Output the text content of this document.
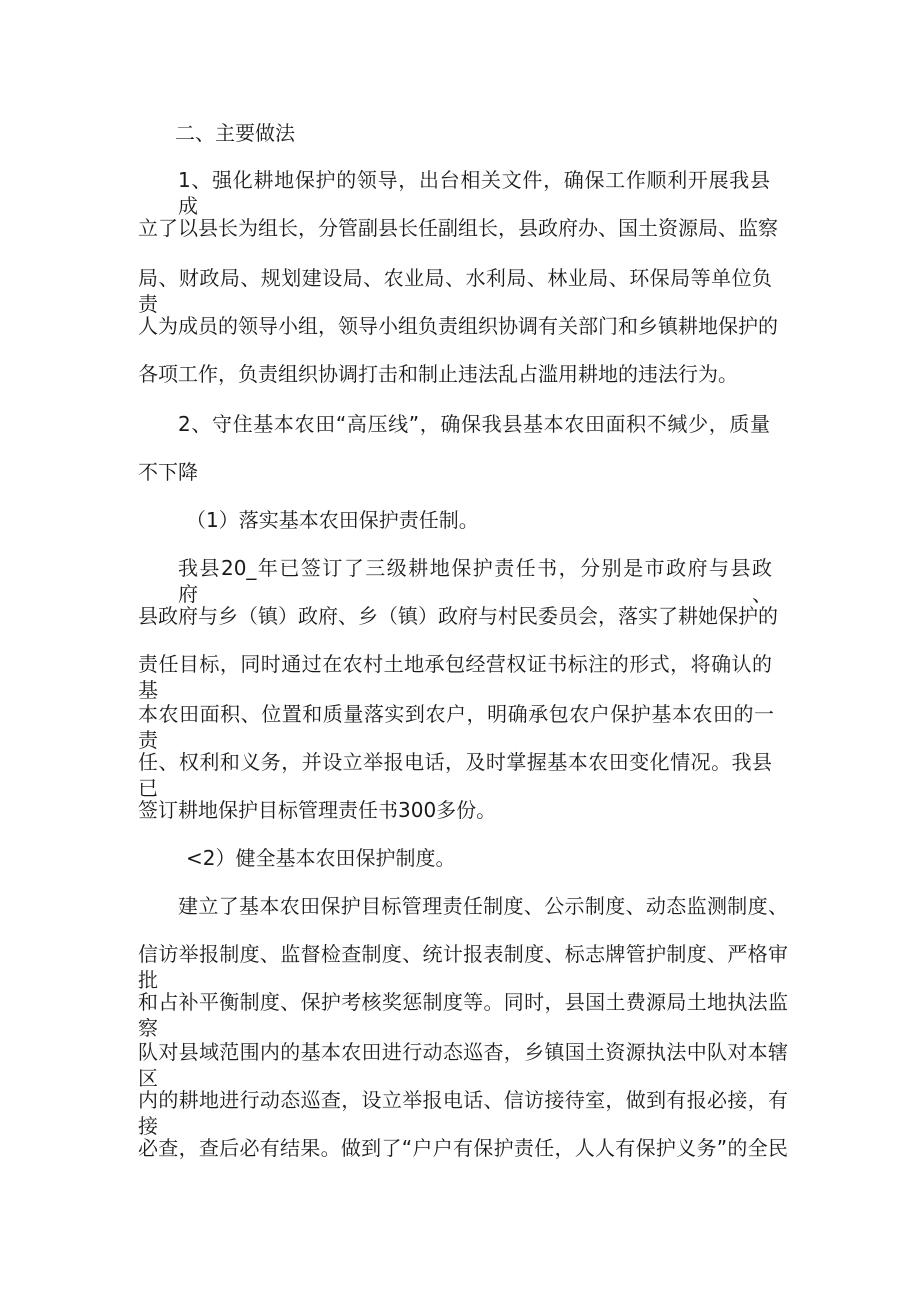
二、主要做法
1、强化耕地保护的领导，出台相关文件，确保工作顺利开展我县成
立了以县长为组长，分管副县长任副组长，县政府办、国土资源局、监察
局、财政局、规划建设局、农业局、水利局、林业局、环保局等单位负责
人为成员的领导小组，领导小组负责组织协调有关部门和乡镇耕地保护的
各项工作，负责组织协调打击和制止违法乱占滥用耕地的违法行为。
2、守住基本农田“高压线”，确保我县基本农田面积不缄少，质量
不下降
（1）落实基本农田保护责任制。
我县20_年已签订了三级耕地保护责任书，分别是市政府与县政府、
县政府与乡（镇）政府、乡（镇）政府与村民委员会，落实了耕她保护的
责任目标，同时通过在农村土地承包经营权证书标注的形式，将确认的基
本农田面积、位置和质量落实到农户，明确承包农户保护基本农田的一责
任、权利和义务，并设立举报电话，及时掌握基本农田变化情况。我县已
签订耕地保护目标管理责任书300多份。
<2）健全基本农田保护制度。
建立了基本农田保护目标管理责任制度、公示制度、动态监测制度、
信访举报制度、监督检查制度、统计报表制度、标志牌管护制度、严格审批
和占补平衡制度、保护考核奖惩制度等。同时，县国土费源局土地执法监察
队对县域范围内的基本农田进行动态巡杳，乡镇国土资源执法中队对本辖区
内的耕地进行动态巡查，设立举报电话、信访接待室，做到有报必接，有接
必查，查后必有结果。做到了“户户有保护责任，人人有保护义务”的全民
